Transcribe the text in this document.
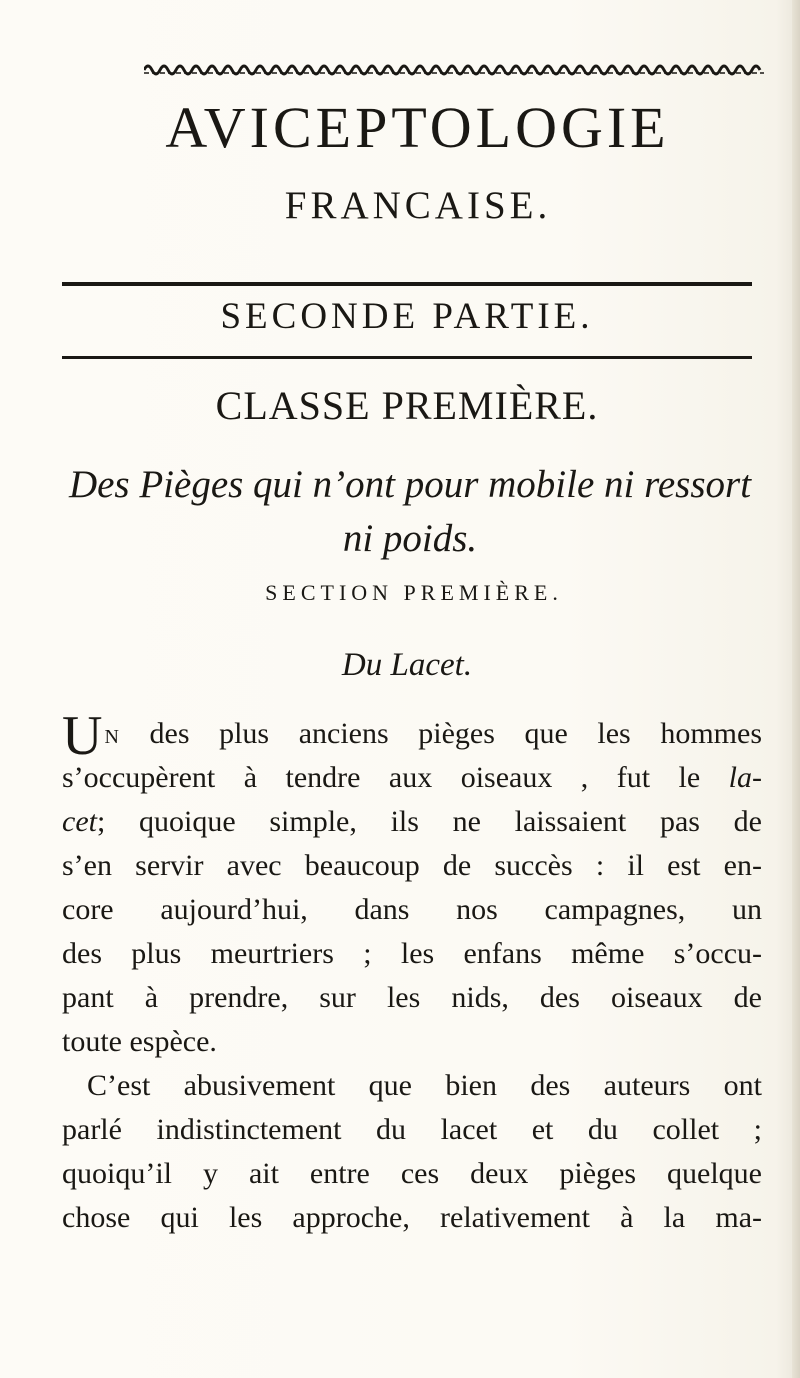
AVICEPTOLOGIE
FRANCAISE.
SECONDE PARTIE.
CLASSE PREMIÈRE.
Des Pièges qui n’ont pour mobile ni ressort
ni poids.
SECTION PREMIÈRE.
Du Lacet.
U N des plus anciens pièges que les hommes
s’occupèrent à tendre aux oiseaux , fut le la-
cet; quoique simple, ils ne laissaient pas de
s’en servir avec beaucoup de succès : il est en-
core aujourd’hui, dans nos campagnes, un
des plus meurtriers ; les enfans même s’occu-
pant à prendre, sur les nids, des oiseaux de
toute espèce.
C’est abusivement que bien des auteurs ont
parlé indistinctement du lacet et du collet ;
quoiqu’il y ait entre ces deux pièges quelque
chose qui les approche, relativement à la ma-
